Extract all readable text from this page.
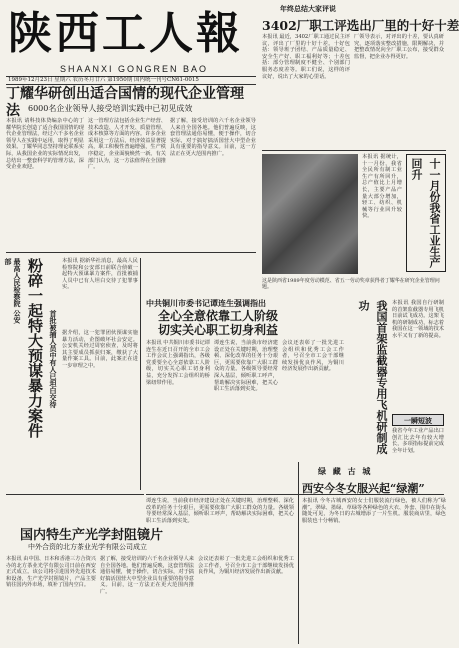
陕西工人報
SHAANXI GONGREN BAO
1989年12月23日 星期六 农历冬月廿六 第1950期 国内统一刊号CN61-0015
年终总结大家评说
3402厂职工评选出厂里的十好十差
本报讯 最近，3402厂职工通过民主评议，评出了厂里的十好十差。十好包括：领导班子团结、产品质量稳定、安全生产好、职工福利好等；十差包括：部分管理制度不健全、个别部门服务态度差等。职工们说，这样的评议好，说出了大家的心里话。
厂领导表示，对评出的十差，要认真研究，逐项落实整改措施，限期解决，并把整改情况向全厂职工公布，接受群众监督，把企业办得更好。
丁耀华研创出适合国情的现代企业管理法	6000名企业领导人接受培训实践中已初见成效
本报讯 请科技体贷编杂中心的丁耀华院长创造了适合我国国情的现代企业管理法，经过六千多名企业领导人在实践中运用，取得了明显效果。丁耀华同志坚持理论联系实际，从我国企业的实际情况出发，总结出一整套科学的管理方法，深受企业欢迎。
这一管理方法包括企业生产经营、技术改造、人才开发、质量管理、成本核算等方面的内容。许多企业采用这一方法后，经济效益显著提高，职工积极性普遍增强，生产秩序稳定，企业面貌焕然一新。有关部门认为，这一方法值得在全国推广。
据了解，接受培训的六千名企业领导人来自全国各地。他们普遍反映，这套管理法通俗易懂，便于操作，切合实际，对于搞好搞活国营大中型企业具有重要的指导意义。目前，这一方法正在更大范围内推广。
十一月份我省工业生产回升
本报讯 据统计，十一月份，我省全民所有制工业生产有所回升，总产值比上月增长，主要产品产量大部分增加，轻工、纺织、机械等行业回升较快。
这是陕西省1989年度劳动模范、省五一劳动奖章获得者丁耀华在研究企业管理问题。
最高人民检察院 公安部 粉碎一起特大预谋暴力案件 首批被捕人员中有人已坦白交待
本报讯 据新华社消息，最高人民检察院和公安部日前联合侦破一起特大预谋暴力案件，首批被捕人员中已有人坦白交待了犯罪事实。
据介绍，这一犯罪团伙预谋实施暴力活动，企图破坏社会安定。公安机关经过周密侦查，及时将其主要成员抓获归案，缴获了大量作案工具。目前，此案正在进一步审理之中。
中共铜川市委书记谭连生强调指出
全心全意依靠工人阶级
切实关心职工切身利益
本报讯 中共铜川市委书记谭连生在近日召开的全市工会工作会议上强调指出，各级党委要全心全意依靠工人阶级，切实关心职工切身利益，充分发挥工会组织的桥梁纽带作用。
谭连生说，当前我市经济建设正处在关键时期，治理整顿、深化改革的任务十分艰巨，更需要依靠广大职工群众的力量。各级领导要经常深入基层，倾听职工呼声，帮助解决实际困难，把关心职工生活落到实处。
会议还表彰了一批先进工会组织和优秀工会工作者，号召全市工会干部继续发扬优良作风，为铜川经济发展作出新贡献。	我国首架监截器专用飞机研制成功	本报讯 我国自行研制的首架监截器专用飞机日前试飞成功。这架飞机的研制成功，标志着我国在这一领域的技术水平又有了新的提高。
一瞬短波
我省今年工业产品出口创汇比去年有较大增长，多项指标提前完成全年计划。
绿 藏 古 城
西安今冬女服兴起“绿潮”
本报讯 今冬古城西安的女士们服装流行绿色，被人们称为“绿潮”。翠绿、墨绿、草绿等各种绿色的大衣、外套、围巾在街头随处可见，为冬日的古城增添了一片生机。服装商店里，绿色服装也十分畅销。
国内特生产光学封阻镜片
中外合资的北方茶业光学有限公司成立
本报讯 由中国、日本和香港三方合资兴办的北方茶业光学有限公司日前在西安正式成立。该公司将引进国外先进技术和设备，生产光学封阻镜片，产品主要销往国内外市场，填补了国内空白。
据了解，接受培训的六千名企业领导人来自全国各地。他们普遍反映，这套管理法通俗易懂，便于操作，切合实际，对于搞好搞活国营大中型企业具有重要的指导意义。目前，这一方法正在更大范围内推广。
会议还表彰了一批先进工会组织和优秀工会工作者，号召全市工会干部继续发扬优良作风，为铜川经济发展作出新贡献。
谭连生说，当前我市经济建设正处在关键时期，治理整顿、深化改革的任务十分艰巨，更需要依靠广大职工群众的力量。各级领导要经常深入基层，倾听职工呼声，帮助解决实际困难，把关心职工生活落到实处。
